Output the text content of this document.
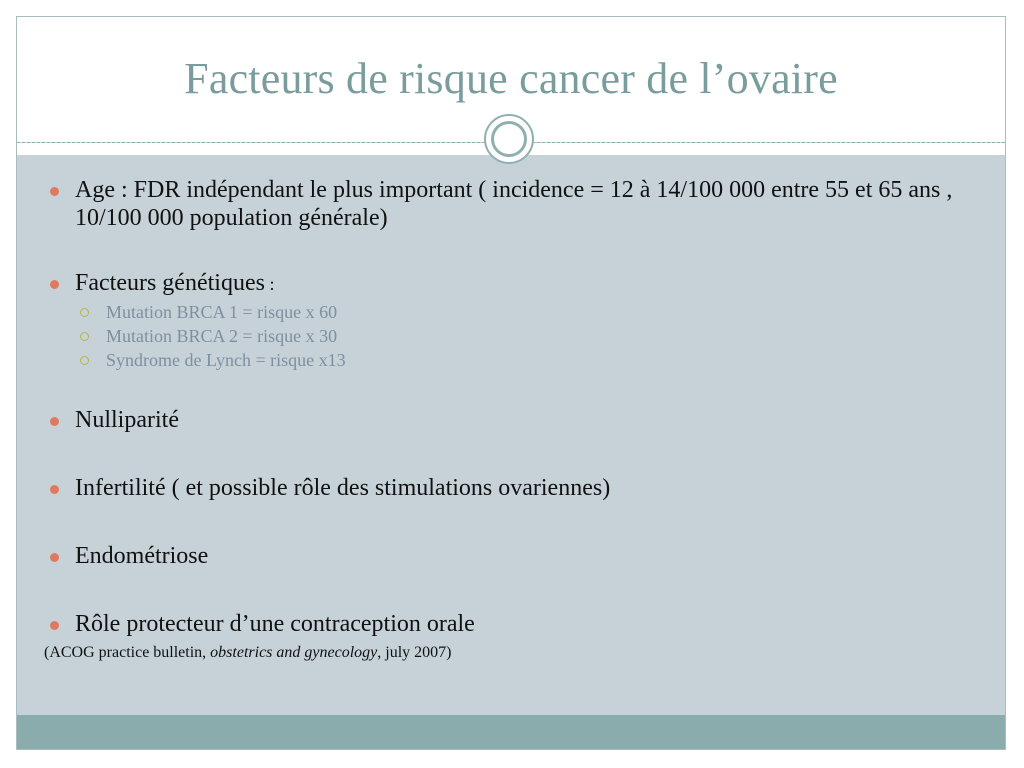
Facteurs de risque cancer de l’ovaire
Age : FDR indépendant le plus important ( incidence = 12 à 14/100 000 entre 55 et 65 ans , 10/100 000 population générale)
Facteurs génétiques :
Mutation BRCA 1 = risque x 60
Mutation BRCA 2 = risque x 30
Syndrome de Lynch = risque x13
Nulliparité
Infertilité ( et possible rôle des stimulations ovariennes)
Endométriose
Rôle protecteur d’une contraception orale
(ACOG practice bulletin, obstetrics and gynecology, july 2007)
